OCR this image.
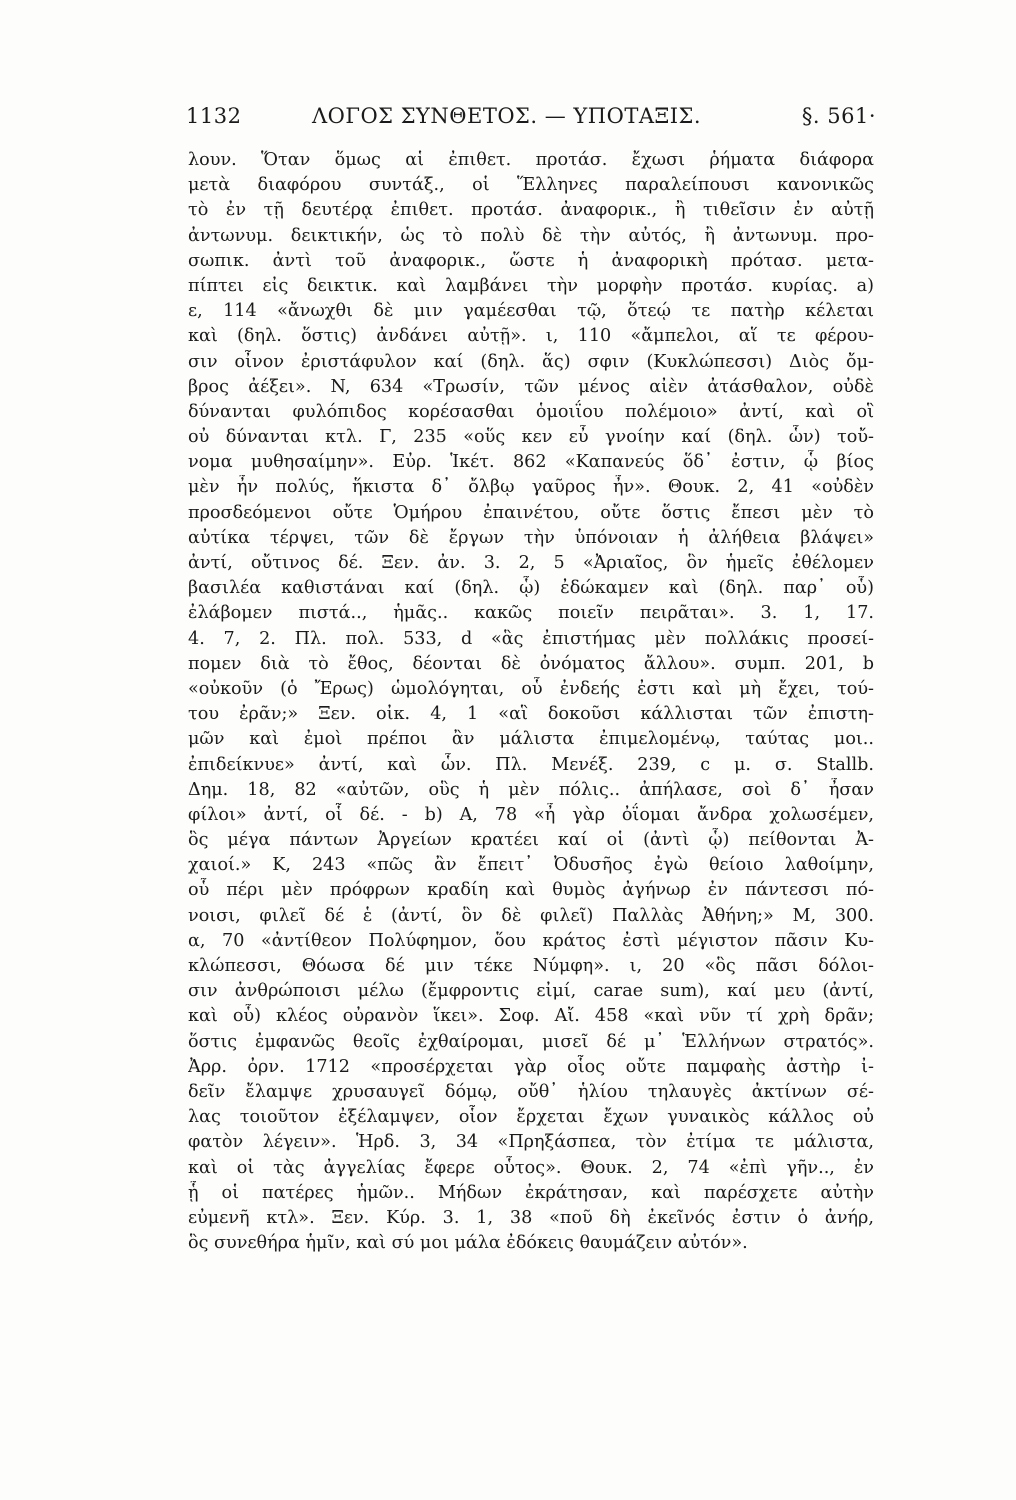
1132	ΛΟΓΟΣ ΣΥΝΘΕΤΟΣ. — ΥΠΟΤΑΞΙΣ.	§. 561·
λουν. Ὅταν ὅμως αἱ ἐπιθετ. προτάσ. ἔχωσι ῥήματα διάφορα
μετὰ διαφόρου συντάξ., οἱ Ἕλληνες παραλείπουσι κανονικῶς
τὸ ἐν τῇ δευτέρᾳ ἐπιθετ. προτάσ. ἀναφορικ., ἢ τιθεῖσιν ἐν αὐτῇ
ἀντωνυμ. δεικτικήν, ὡς τὸ πολὺ δὲ τὴν αὐτός, ἢ ἀντωνυμ. προ-
σωπικ. ἀντὶ τοῦ ἀναφορικ., ὥστε ἡ ἀναφορικὴ πρότασ. μετα-
πίπτει εἰς δεικτικ. καὶ λαμβάνει τὴν μορφὴν προτάσ. κυρίας. a)
ε, 114 «ἄνωχθι δὲ μιν γαμέεσθαι τῷ, ὅτεῴ τε πατὴρ κέλεται
καὶ (δηλ. ὅστις) ἀνδάνει αὐτῇ». ι, 110 «ἄμπελοι, αἵ τε φέρου-
σιν οἶνον ἐριστάφυλον καί (δηλ. ἅς) σφιν (Κυκλώπεσσι) Διὸς ὄμ-
βρος ἀέξει». N, 634 «Τρωσίν, τῶν μένος αἰὲν ἀτάσθαλον, οὐδὲ
δύνανται φυλόπιδος κορέσασθαι ὁμοιΐου πολέμοιο» ἀντί, καὶ οἳ
οὐ δύνανται κτλ. Γ, 235 «οὕς κεν εὖ γνοίην καί (δηλ. ὧν) τοὔ-
νομα μυθησαίμην». Εὐρ. Ἱκέτ. 862 «Καπανεύς ὅδ᾽ ἐστιν, ᾧ βίος
μὲν ἦν πολύς, ἥκιστα δ᾽ ὄλβῳ γαῦρος ἦν». Θουκ. 2, 41 «οὐδὲν
προσδεόμενοι οὔτε Ὁμήρου ἐπαινέτου, οὔτε ὅστις ἔπεσι μὲν τὸ
αὐτίκα τέρψει, τῶν δὲ ἔργων τὴν ὑπόνοιαν ἡ ἀλήθεια βλάψει»
ἀντί, οὔτινος δέ. Ξεν. ἀν. 3. 2, 5 «Ἀριαῖος, ὃν ἡμεῖς ἐθέλομεν
βασιλέα καθιστάναι καί (δηλ. ᾧ) ἐδώκαμεν καὶ (δηλ. παρ᾽ οὗ)
ἐλάβομεν πιστά.., ἡμᾶς.. κακῶς ποιεῖν πειρᾶται». 3. 1, 17.
4. 7, 2. Πλ. πολ. 533, d «ἃς ἐπιστήμας μὲν πολλάκις προσεί-
πομεν διὰ τὸ ἔθος, δέονται δὲ ὀνόματος ἄλλου». συμπ. 201, b
«οὐκοῦν (ὁ Ἔρως) ὡμολόγηται, οὗ ἐνδεής ἐστι καὶ μὴ ἔχει, τού-
του ἐρᾶν;» Ξεν. οἰκ. 4, 1 «αἳ δοκοῦσι κάλλισται τῶν ἐπιστη-
μῶν καὶ ἐμοὶ πρέποι ἂν μάλιστα ἐπιμελομένῳ, ταύτας μοι..
ἐπιδείκνυε» ἀντί, καὶ ὧν. Πλ. Μενέξ. 239, c μ. σ. Stallb.
Δημ. 18, 82 «αὐτῶν, οὓς ἡ μὲν πόλις.. ἀπήλασε, σοὶ δ᾽ ἦσαν
φίλοι» ἀντί, οἷ δέ. - b) A, 78 «ἦ γὰρ ὀΐομαι ἄνδρα χολωσέμεν,
ὃς μέγα πάντων Ἀργείων κρατέει καί οἱ (ἀντὶ ᾧ) πείθονται Ἀ-
χαιοί.» K, 243 «πῶς ἂν ἔπειτ᾽ Ὀδυσῆος ἐγὼ θείοιο λαθοίμην,
οὗ πέρι μὲν πρόφρων κραδίη καὶ θυμὸς ἀγήνωρ ἐν πάντεσσι πό-
νοισι, φιλεῖ δέ ἑ (ἀντί, ὃν δὲ φιλεῖ) Παλλὰς Ἀθήνη;» M, 300.
α, 70 «ἀντίθεον Πολύφημον, ὅου κράτος ἐστὶ μέγιστον πᾶσιν Κυ-
κλώπεσσι, Θόωσα δέ μιν τέκε Νύμφη». ι, 20 «ὃς πᾶσι δόλοι-
σιν ἀνθρώποισι μέλω (ἔμφροντις εἰμί, carae sum), καί μευ (ἀντί,
καὶ οὗ) κλέος οὐρανὸν ἵκει». Σοφ. Αἴ. 458 «καὶ νῦν τί χρὴ δρᾶν;
ὅστις ἐμφανῶς θεοῖς ἐχθαίρομαι, μισεῖ δέ μ᾽ Ἑλλήνων στρατός».
Ἀρρ. ὀρν. 1712 «προσέρχεται γὰρ οἷος οὔτε παμφαὴς ἀστὴρ ἰ-
δεῖν ἔλαμψε χρυσαυγεῖ δόμῳ, οὔθ᾽ ἡλίου τηλαυγὲς ἀκτίνων σέ-
λας τοιοῦτον ἐξέλαμψεν, οἷον ἔρχεται ἔχων γυναικὸς κάλλος οὐ
φατὸν λέγειν». Ἡρδ. 3, 34 «Πρηξάσπεα, τὸν ἐτίμα τε μάλιστα,
καὶ οἱ τὰς ἀγγελίας ἔφερε οὗτος». Θουκ. 2, 74 «ἐπὶ γῆν.., ἐν
ᾗ οἱ πατέρες ἡμῶν.. Μήδων ἐκράτησαν, καὶ παρέσχετε αὐτὴν
εὐμενῆ κτλ». Ξεν. Κύρ. 3. 1, 38 «ποῦ δὴ ἐκεῖνός ἐστιν ὁ ἀνήρ,
ὃς συνεθήρα ἡμῖν, καὶ σύ μοι μάλα ἐδόκεις θαυμάζειν αὐτόν».
